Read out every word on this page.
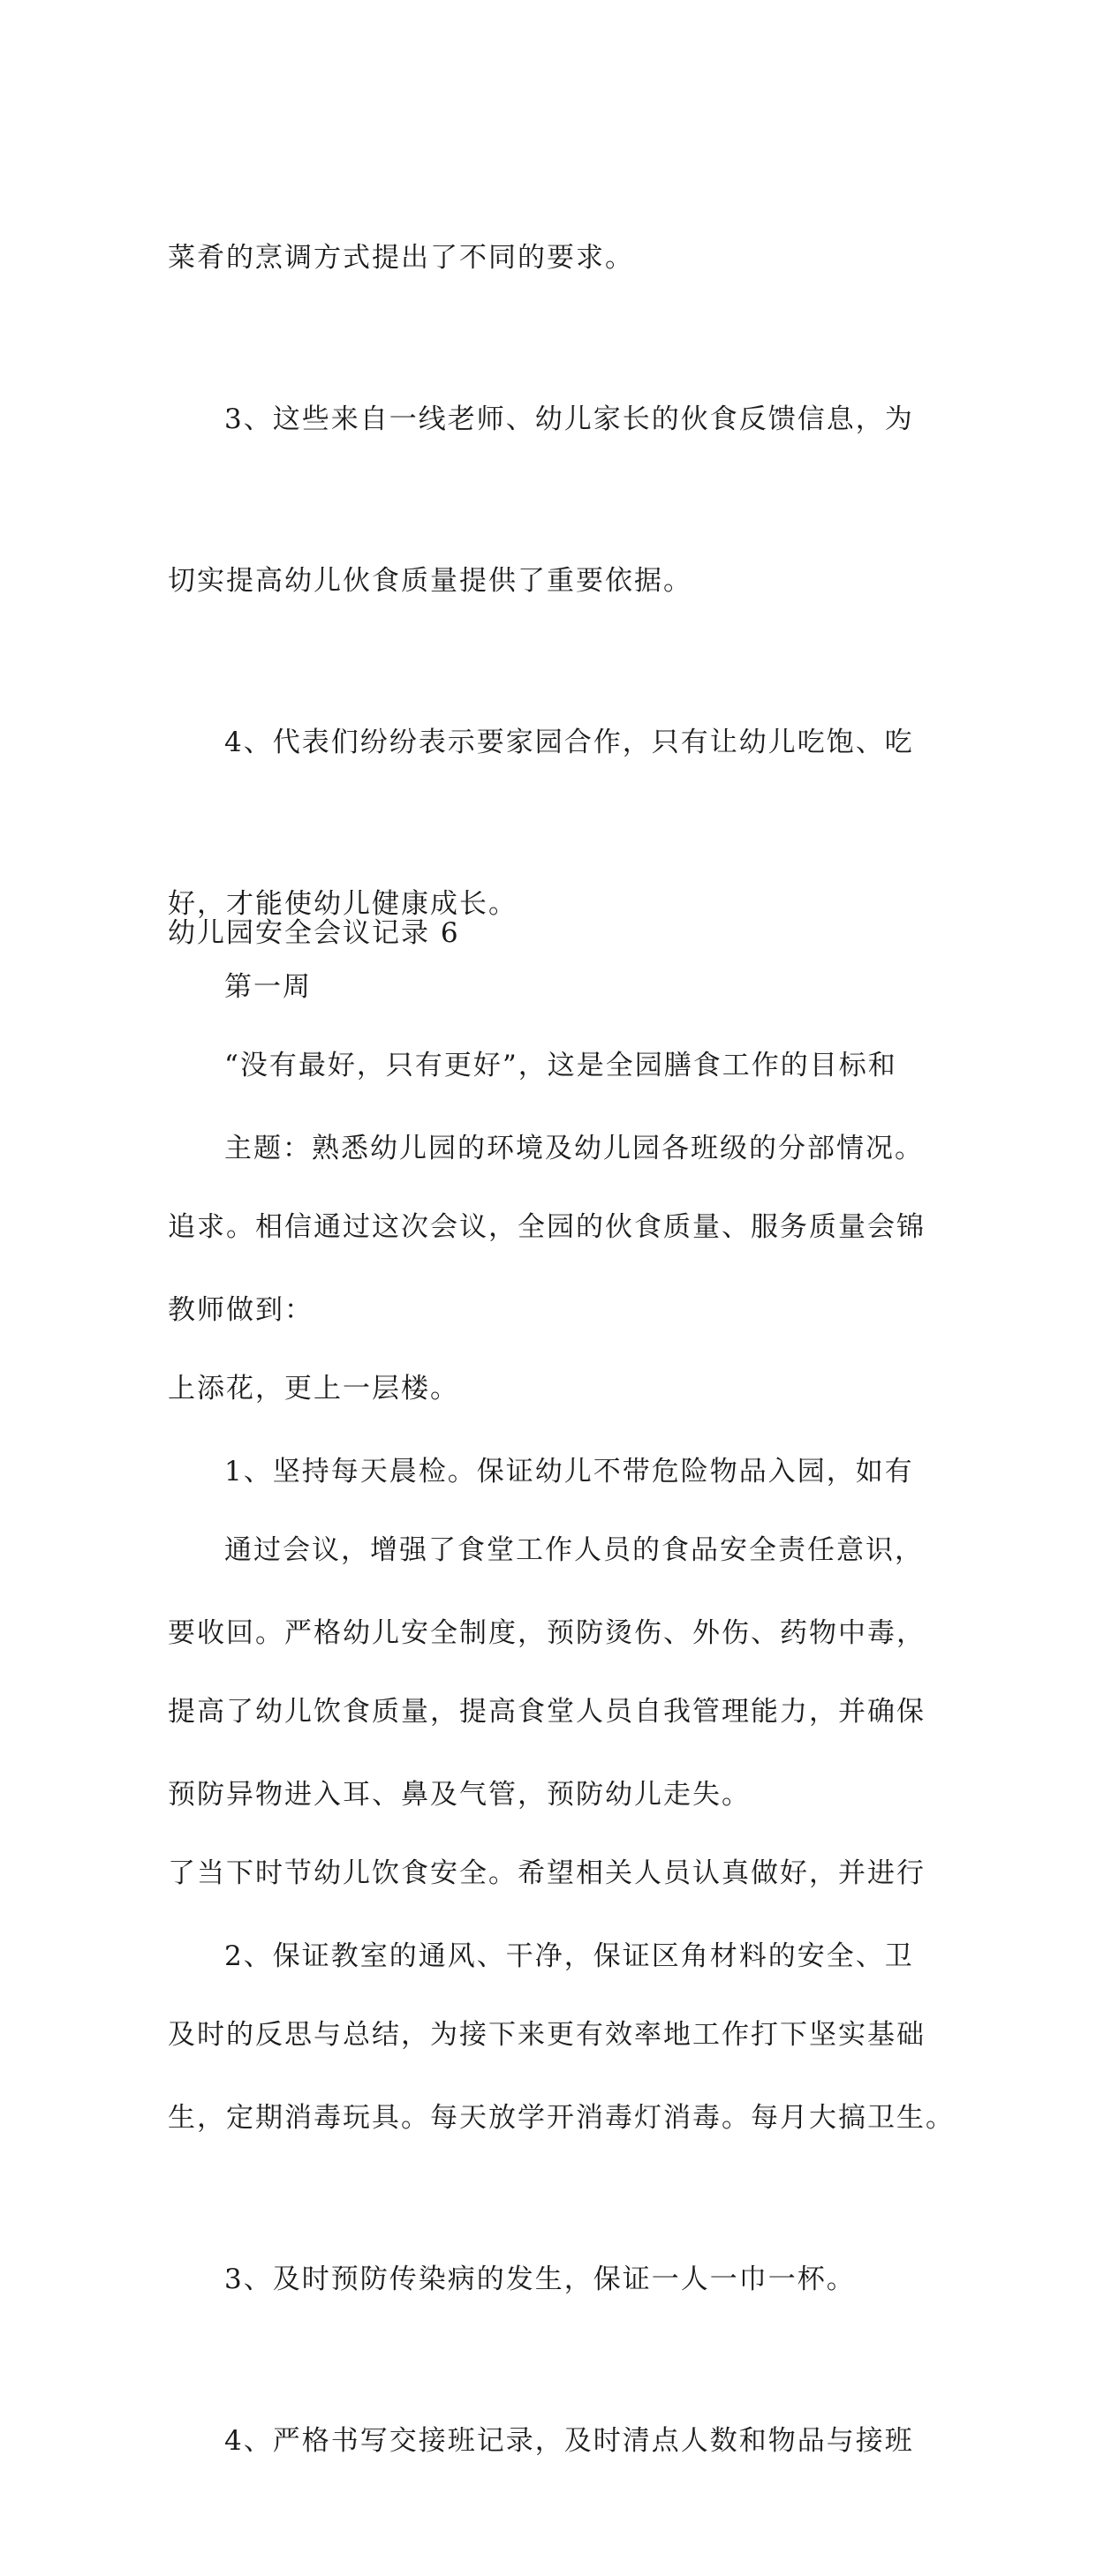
菜肴的烹调方式提出了不同的要求。

3、这些来自一线老师、幼儿家长的伙食反馈信息，为

切实提高幼儿伙食质量提供了重要依据。

4、代表们纷纷表示要家园合作，只有让幼儿吃饱、吃

好，才能使幼儿健康成长。

“没有最好，只有更好”，这是全园膳食工作的目标和

追求。相信通过这次会议，全园的伙食质量、服务质量会锦

上添花，更上一层楼。

通过会议，增强了食堂工作人员的食品安全责任意识，

提高了幼儿饮食质量，提高食堂人员自我管理能力，并确保

了当下时节幼儿饮食安全。希望相关人员认真做好，并进行

及时的反思与总结，为接下来更有效率地工作打下坚实基础

幼儿园安全会议记录 6

第一周

主题：熟悉幼儿园的环境及幼儿园各班级的分部情况。

教师做到：

1、坚持每天晨检。保证幼儿不带危险物品入园，如有

要收回。严格幼儿安全制度，预防烫伤、外伤、药物中毒，

预防异物进入耳、鼻及气管，预防幼儿走失。

2、保证教室的通风、干净，保证区角材料的安全、卫

生，定期消毒玩具。每天放学开消毒灯消毒。每月大搞卫生。

3、及时预防传染病的发生，保证一人一巾一杯。

4、严格书写交接班记录，及时清点人数和物品与接班
